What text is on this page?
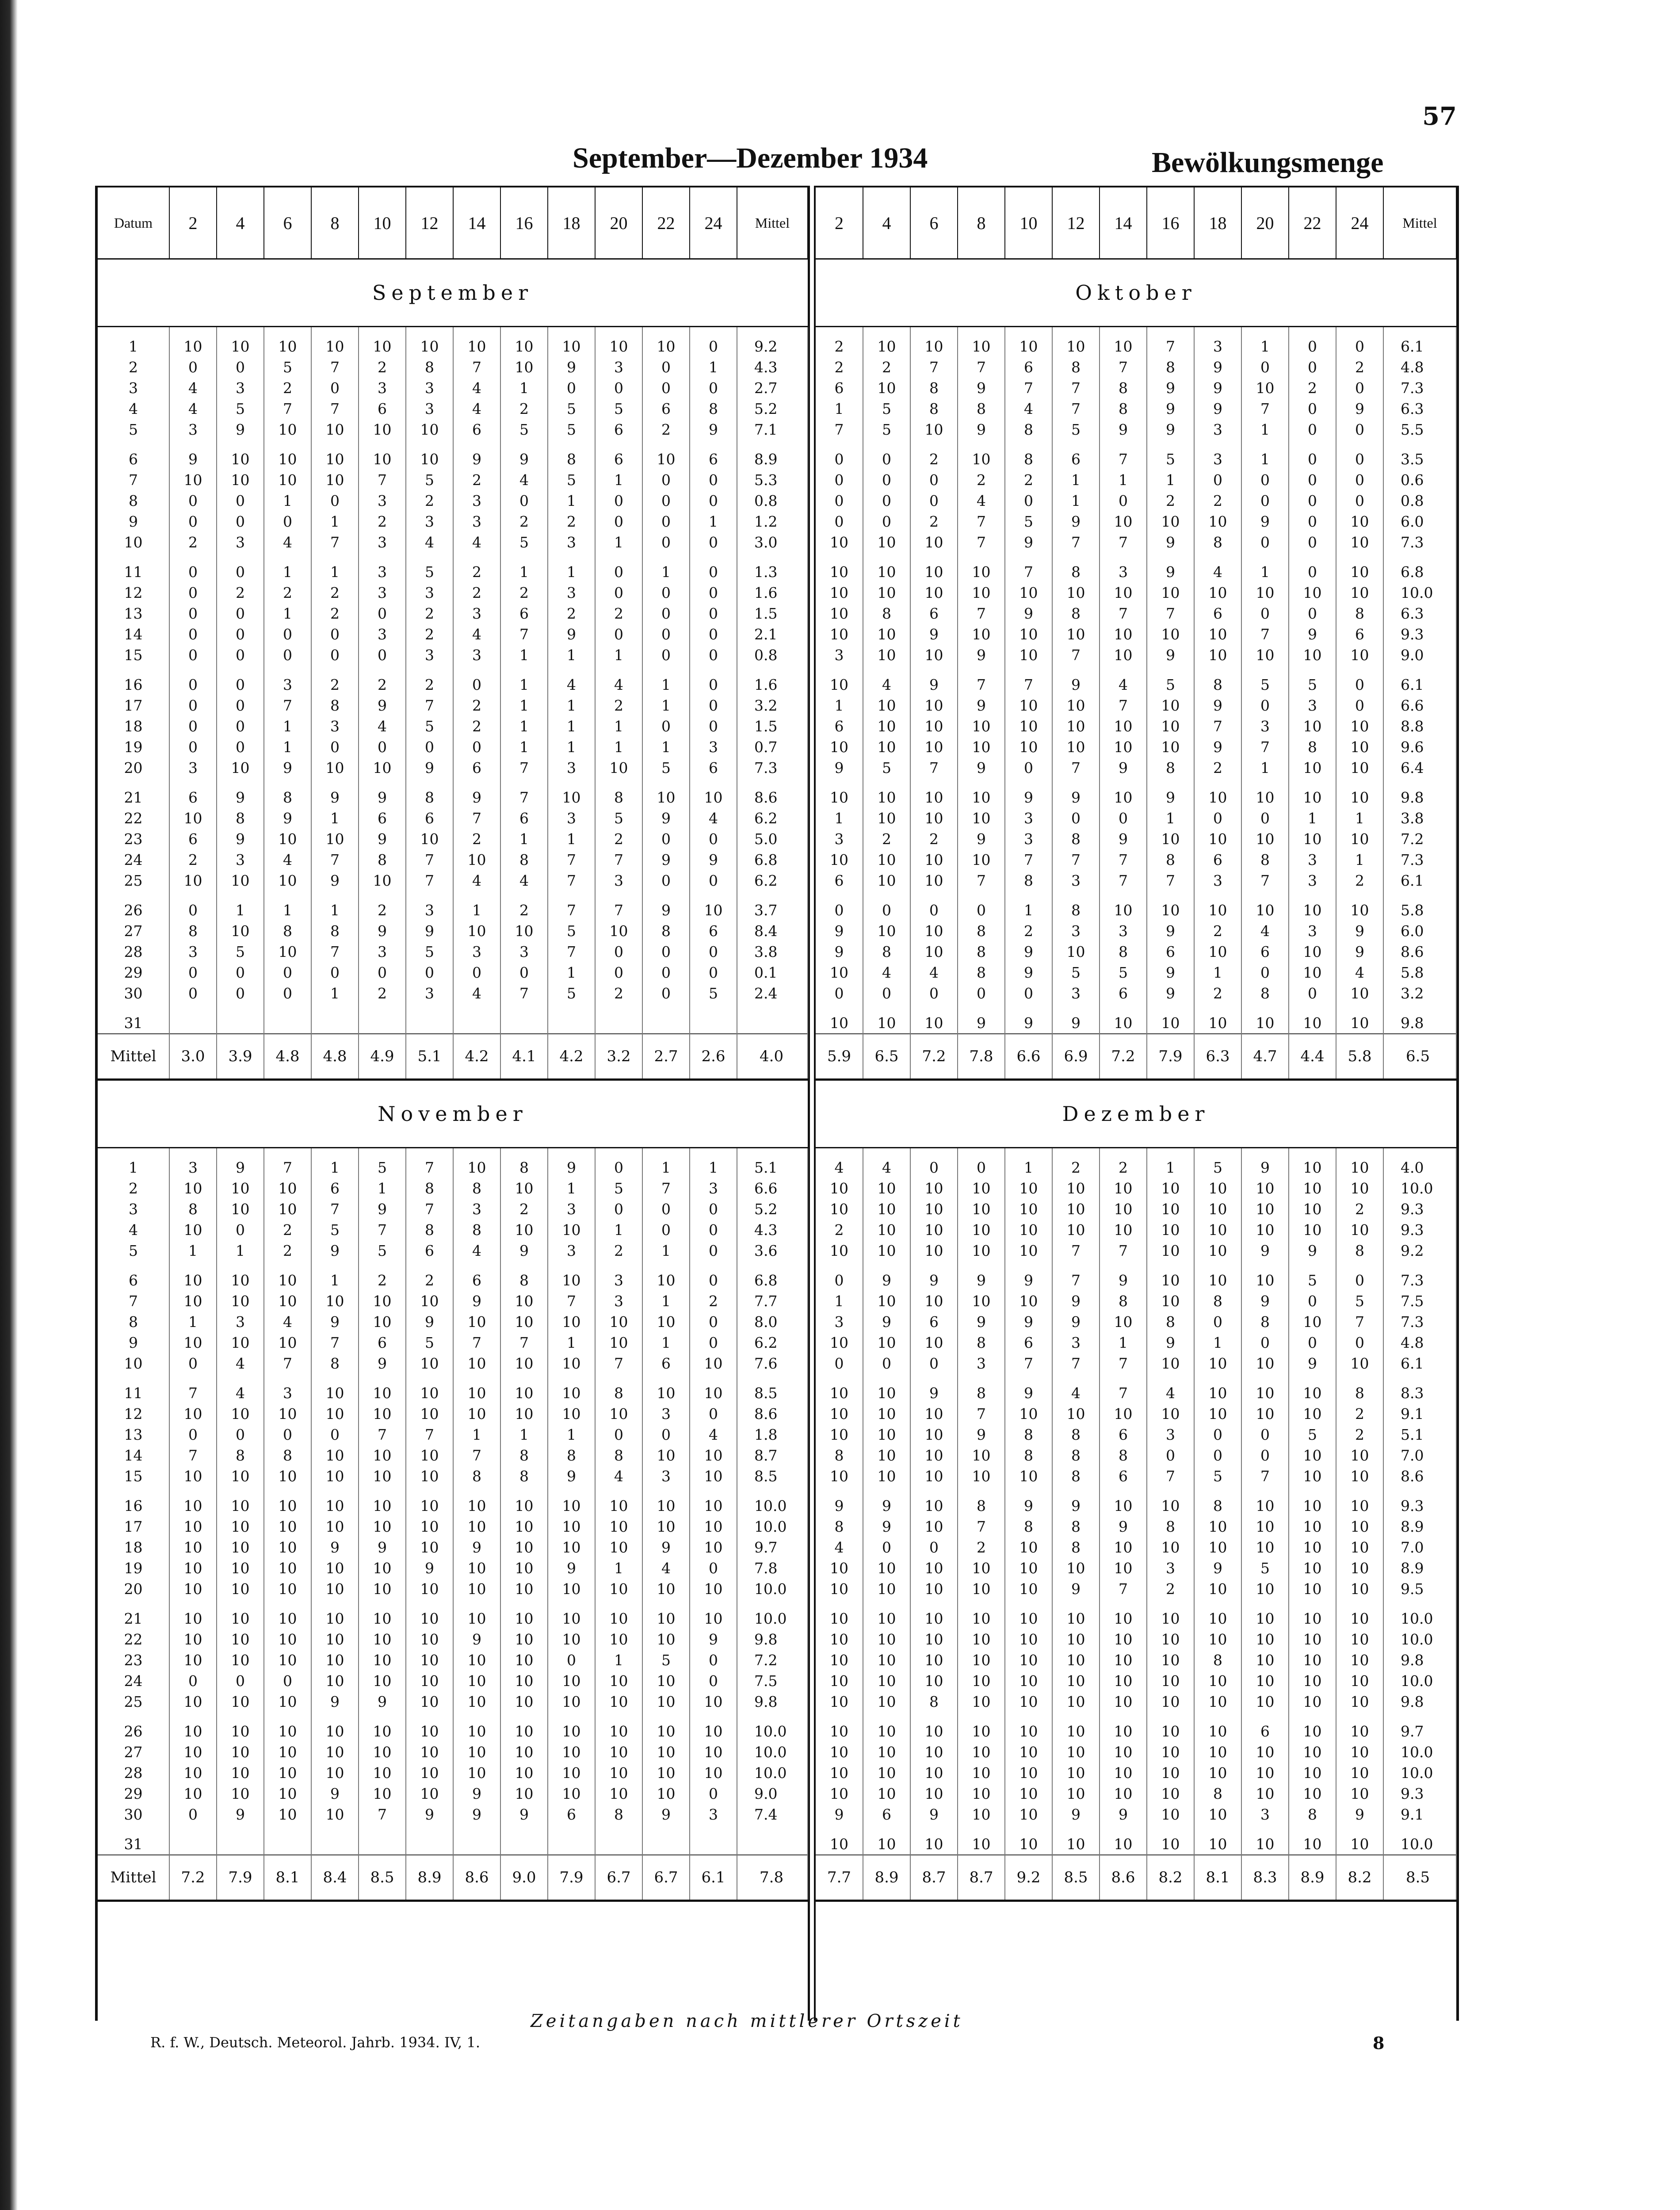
57
September—Dezember 1934	Bewölkungsmenge
Datum	2	4	6	8	10	12	14	16	18	20	22	24	Mittel
September													
1	10	10	10	10	10	10	10	10	10	10	10	0	9.2
2	0	0	5	7	2	8	7	10	9	3	0	1	4.3
3	4	3	2	0	3	3	4	1	0	0	0	0	2.7
4	4	5	7	7	6	3	4	2	5	5	6	8	5.2
5	3	9	10	10	10	10	6	5	5	6	2	9	7.1
6	9	10	10	10	10	10	9	9	8	6	10	6	8.9
7	10	10	10	10	7	5	2	4	5	1	0	0	5.3
8	0	0	1	0	3	2	3	0	1	0	0	0	0.8
9	0	0	0	1	2	3	3	2	2	0	0	1	1.2
10	2	3	4	7	3	4	4	5	3	1	0	0	3.0
11	0	0	1	1	3	5	2	1	1	0	1	0	1.3
12	0	2	2	2	3	3	2	2	3	0	0	0	1.6
13	0	0	1	2	0	2	3	6	2	2	0	0	1.5
14	0	0	0	0	3	2	4	7	9	0	0	0	2.1
15	0	0	0	0	0	3	3	1	1	1	0	0	0.8
16	0	0	3	2	2	2	0	1	4	4	1	0	1.6
17	0	0	7	8	9	7	2	1	1	2	1	0	3.2
18	0	0	1	3	4	5	2	1	1	1	0	0	1.5
19	0	0	1	0	0	0	0	1	1	1	1	3	0.7
20	3	10	9	10	10	9	6	7	3	10	5	6	7.3
21	6	9	8	9	9	8	9	7	10	8	10	10	8.6
22	10	8	9	1	6	6	7	6	3	5	9	4	6.2
23	6	9	10	10	9	10	2	1	1	2	0	0	5.0
24	2	3	4	7	8	7	10	8	7	7	9	9	6.8
25	10	10	10	9	10	7	4	4	7	3	0	0	6.2
26	0	1	1	1	2	3	1	2	7	7	9	10	3.7
27	8	10	8	8	9	9	10	10	5	10	8	6	8.4
28	3	5	10	7	3	5	3	3	7	0	0	0	3.8
29	0	0	0	0	0	0	0	0	1	0	0	0	0.1
30	0	0	0	1	2	3	4	7	5	2	0	5	2.4
31													
Mittel	3.0	3.9	4.8	4.8	4.9	5.1	4.2	4.1	4.2	3.2	2.7	2.6	4.0
November													
1	3	9	7	1	5	7	10	8	9	0	1	1	5.1
2	10	10	10	6	1	8	8	10	1	5	7	3	6.6
3	8	10	10	7	9	7	3	2	3	0	0	0	5.2
4	10	0	2	5	7	8	8	10	10	1	0	0	4.3
5	1	1	2	9	5	6	4	9	3	2	1	0	3.6
6	10	10	10	1	2	2	6	8	10	3	10	0	6.8
7	10	10	10	10	10	10	9	10	7	3	1	2	7.7
8	1	3	4	9	10	9	10	10	10	10	10	0	8.0
9	10	10	10	7	6	5	7	7	1	10	1	0	6.2
10	0	4	7	8	9	10	10	10	10	7	6	10	7.6
11	7	4	3	10	10	10	10	10	10	8	10	10	8.5
12	10	10	10	10	10	10	10	10	10	10	3	0	8.6
13	0	0	0	0	7	7	1	1	1	0	0	4	1.8
14	7	8	8	10	10	10	7	8	8	8	10	10	8.7
15	10	10	10	10	10	10	8	8	9	4	3	10	8.5
16	10	10	10	10	10	10	10	10	10	10	10	10	10.0
17	10	10	10	10	10	10	10	10	10	10	10	10	10.0
18	10	10	10	9	9	10	9	10	10	10	9	10	9.7
19	10	10	10	10	10	9	10	10	9	1	4	0	7.8
20	10	10	10	10	10	10	10	10	10	10	10	10	10.0
21	10	10	10	10	10	10	10	10	10	10	10	10	10.0
22	10	10	10	10	10	10	9	10	10	10	10	9	9.8
23	10	10	10	10	10	10	10	10	0	1	5	0	7.2
24	0	0	0	10	10	10	10	10	10	10	10	0	7.5
25	10	10	10	9	9	10	10	10	10	10	10	10	9.8
26	10	10	10	10	10	10	10	10	10	10	10	10	10.0
27	10	10	10	10	10	10	10	10	10	10	10	10	10.0
28	10	10	10	10	10	10	10	10	10	10	10	10	10.0
29	10	10	10	9	10	10	9	10	10	10	10	0	9.0
30	0	9	10	10	7	9	9	9	6	8	9	3	7.4
31													
Mittel	7.2	7.9	8.1	8.4	8.5	8.9	8.6	9.0	7.9	6.7	6.7	6.1	7.8
2	4	6	8	10	12	14	16	18	20	22	24	Mittel
Oktober												
2	10	10	10	10	10	10	7	3	1	0	0	6.1
2	2	7	7	6	8	7	8	9	0	0	2	4.8
6	10	8	9	7	7	8	9	9	10	2	0	7.3
1	5	8	8	4	7	8	9	9	7	0	9	6.3
7	5	10	9	8	5	9	9	3	1	0	0	5.5
0	0	2	10	8	6	7	5	3	1	0	0	3.5
0	0	0	2	2	1	1	1	0	0	0	0	0.6
0	0	0	4	0	1	0	2	2	0	0	0	0.8
0	0	2	7	5	9	10	10	10	9	0	10	6.0
10	10	10	7	9	7	7	9	8	0	0	10	7.3
10	10	10	10	7	8	3	9	4	1	0	10	6.8
10	10	10	10	10	10	10	10	10	10	10	10	10.0
10	8	6	7	9	8	7	7	6	0	0	8	6.3
10	10	9	10	10	10	10	10	10	7	9	6	9.3
3	10	10	9	10	7	10	9	10	10	10	10	9.0
10	4	9	7	7	9	4	5	8	5	5	0	6.1
1	10	10	9	10	10	7	10	9	0	3	0	6.6
6	10	10	10	10	10	10	10	7	3	10	10	8.8
10	10	10	10	10	10	10	10	9	7	8	10	9.6
9	5	7	9	0	7	9	8	2	1	10	10	6.4
10	10	10	10	9	9	10	9	10	10	10	10	9.8
1	10	10	10	3	0	0	1	0	0	1	1	3.8
3	2	2	9	3	8	9	10	10	10	10	10	7.2
10	10	10	10	7	7	7	8	6	8	3	1	7.3
6	10	10	7	8	3	7	7	3	7	3	2	6.1
0	0	0	0	1	8	10	10	10	10	10	10	5.8
9	10	10	8	2	3	3	9	2	4	3	9	6.0
9	8	10	8	9	10	8	6	10	6	10	9	8.6
10	4	4	8	9	5	5	9	1	0	10	4	5.8
0	0	0	0	0	3	6	9	2	8	0	10	3.2
10	10	10	9	9	9	10	10	10	10	10	10	9.8
5.9	6.5	7.2	7.8	6.6	6.9	7.2	7.9	6.3	4.7	4.4	5.8	6.5
Dezember												
4	4	0	0	1	2	2	1	5	9	10	10	4.0
10	10	10	10	10	10	10	10	10	10	10	10	10.0
10	10	10	10	10	10	10	10	10	10	10	2	9.3
2	10	10	10	10	10	10	10	10	10	10	10	9.3
10	10	10	10	10	7	7	10	10	9	9	8	9.2
0	9	9	9	9	7	9	10	10	10	5	0	7.3
1	10	10	10	10	9	8	10	8	9	0	5	7.5
3	9	6	9	9	9	10	8	0	8	10	7	7.3
10	10	10	8	6	3	1	9	1	0	0	0	4.8
0	0	0	3	7	7	7	10	10	10	9	10	6.1
10	10	9	8	9	4	7	4	10	10	10	8	8.3
10	10	10	7	10	10	10	10	10	10	10	2	9.1
10	10	10	9	8	8	6	3	0	0	5	2	5.1
8	10	10	10	8	8	8	0	0	0	10	10	7.0
10	10	10	10	10	8	6	7	5	7	10	10	8.6
9	9	10	8	9	9	10	10	8	10	10	10	9.3
8	9	10	7	8	8	9	8	10	10	10	10	8.9
4	0	0	2	10	8	10	10	10	10	10	10	7.0
10	10	10	10	10	10	10	3	9	5	10	10	8.9
10	10	10	10	10	9	7	2	10	10	10	10	9.5
10	10	10	10	10	10	10	10	10	10	10	10	10.0
10	10	10	10	10	10	10	10	10	10	10	10	10.0
10	10	10	10	10	10	10	10	8	10	10	10	9.8
10	10	10	10	10	10	10	10	10	10	10	10	10.0
10	10	8	10	10	10	10	10	10	10	10	10	9.8
10	10	10	10	10	10	10	10	10	6	10	10	9.7
10	10	10	10	10	10	10	10	10	10	10	10	10.0
10	10	10	10	10	10	10	10	10	10	10	10	10.0
10	10	10	10	10	10	10	10	8	10	10	10	9.3
9	6	9	10	10	9	9	10	10	3	8	9	9.1
10	10	10	10	10	10	10	10	10	10	10	10	10.0
7.7	8.9	8.7	8.7	9.2	8.5	8.6	8.2	8.1	8.3	8.9	8.2	8.5
Zeitangaben nach mittlerer Ortszeit
R. f. W., Deutsch. Meteorol. Jahrb. 1934. IV, 1.	8
